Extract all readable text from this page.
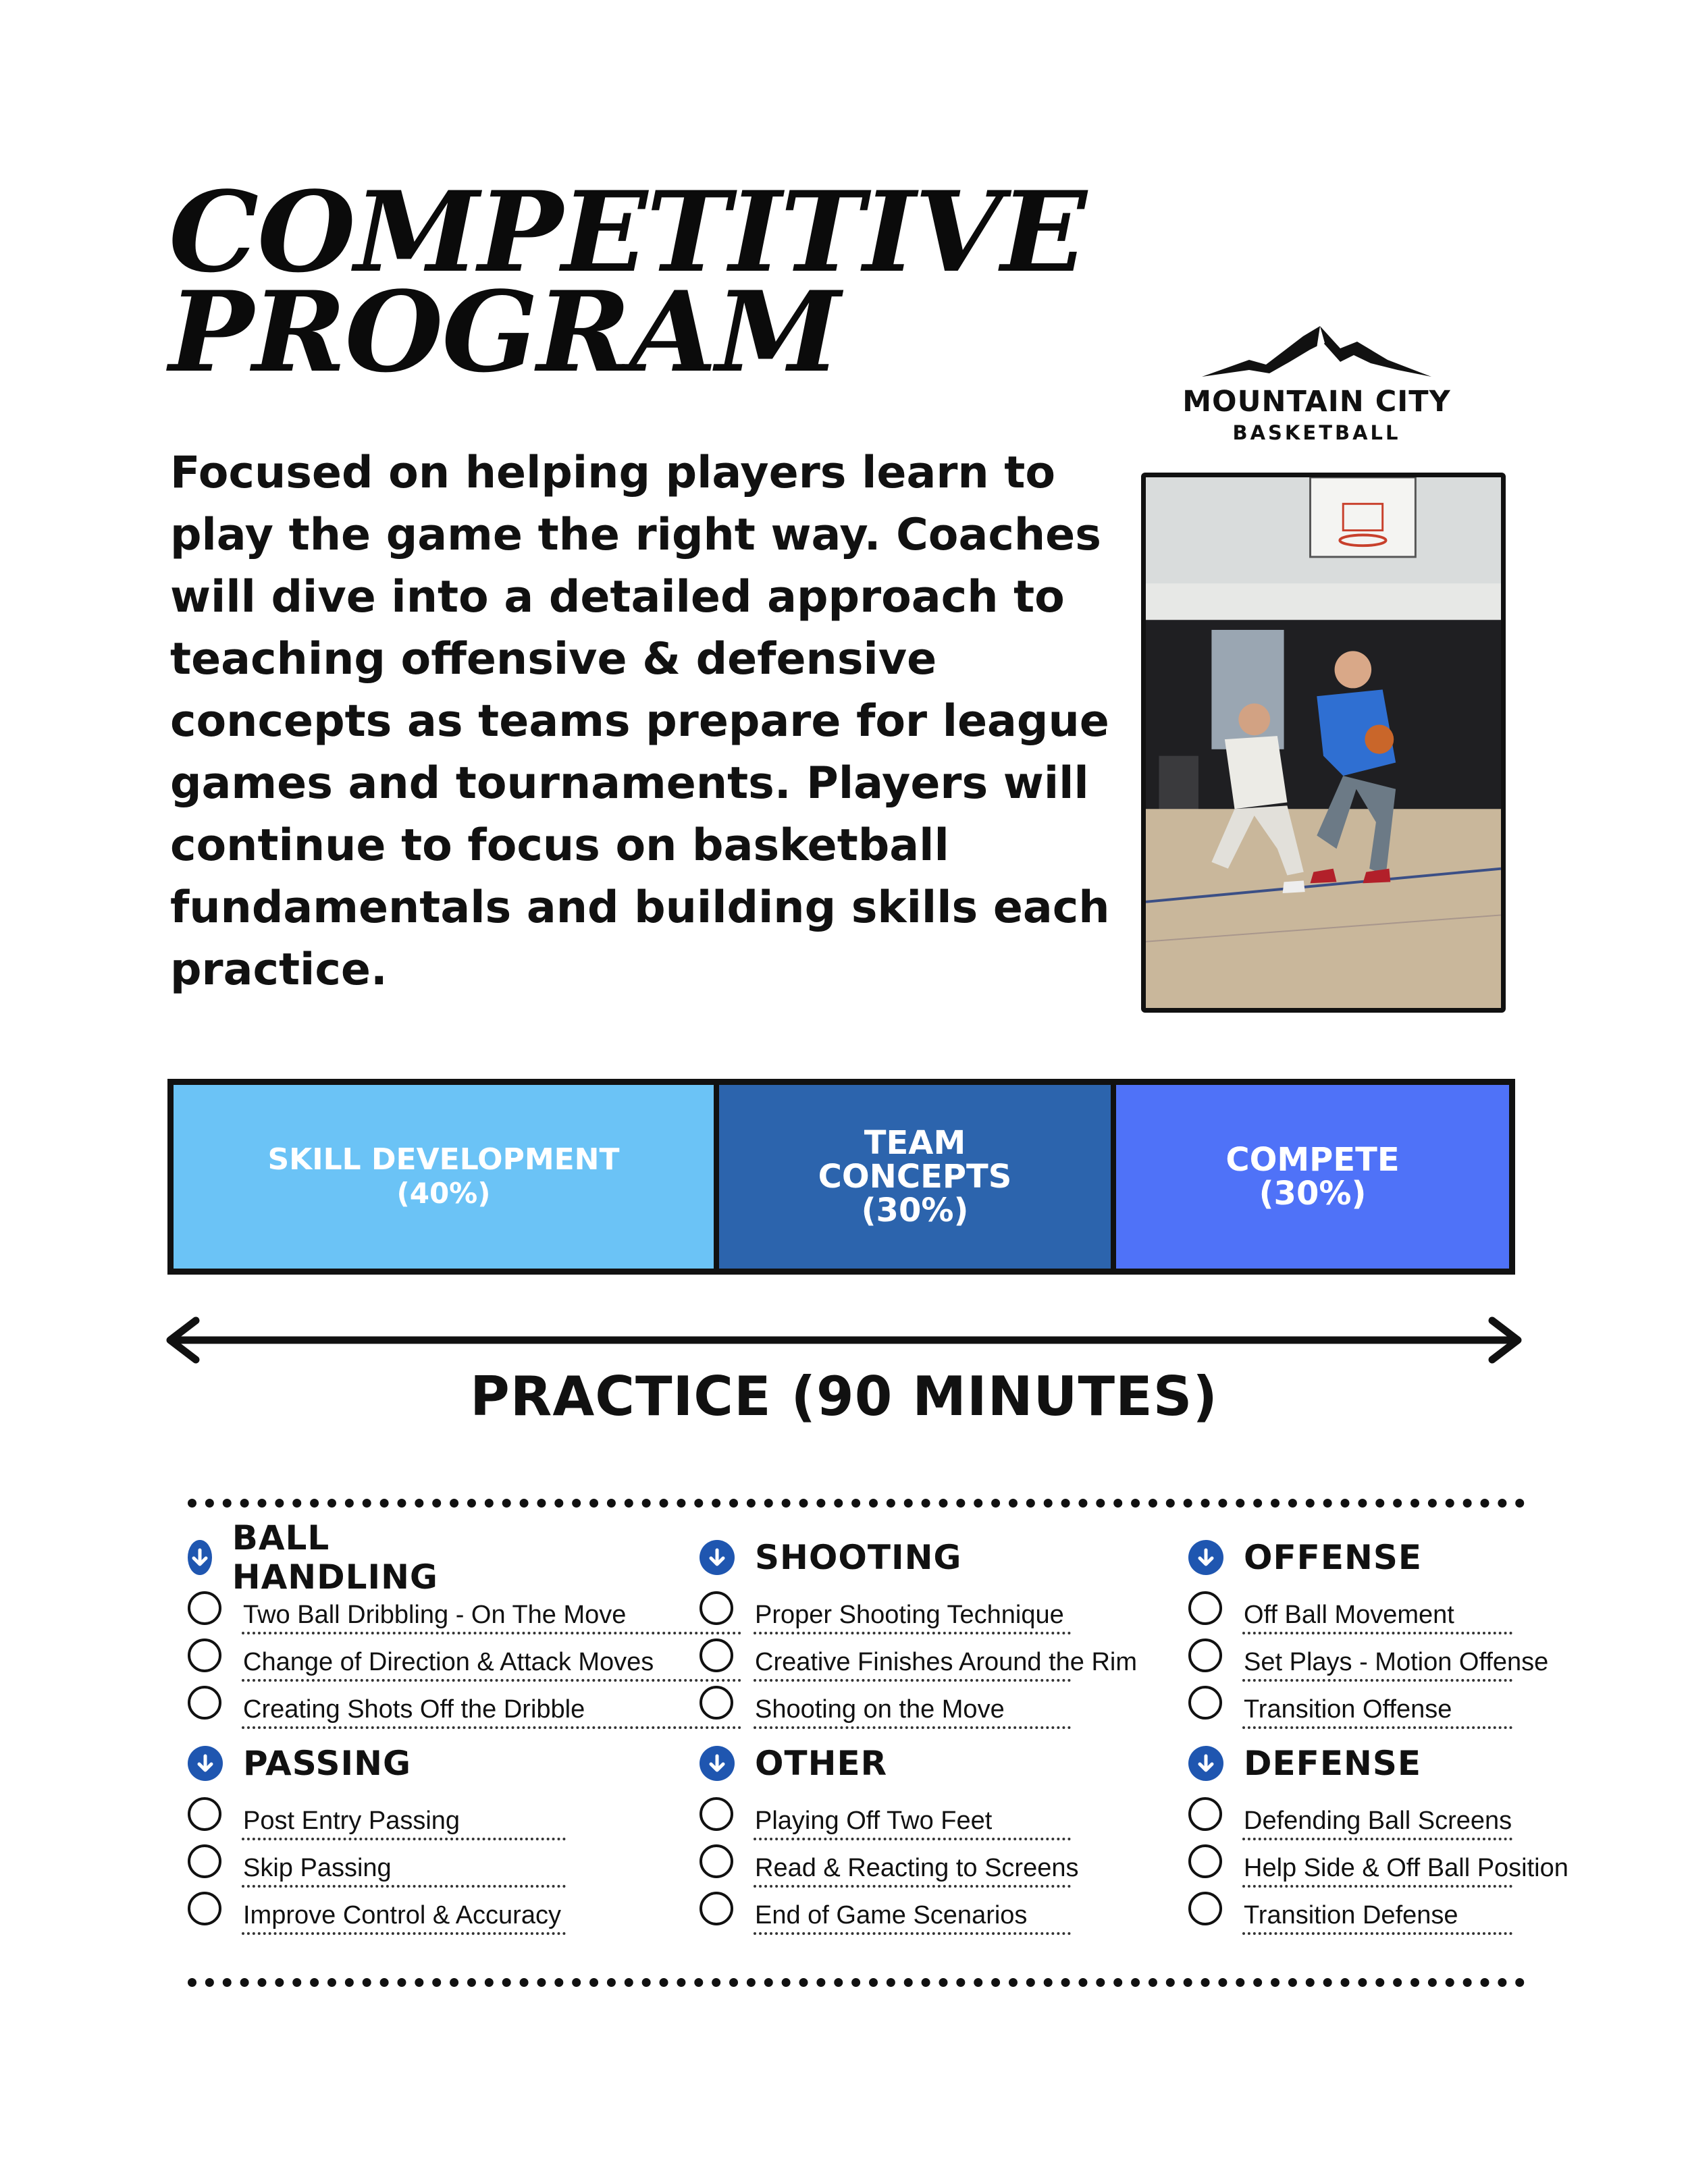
COMPETITIVE
PROGRAM
MOUNTAIN CITY
BASKETBALL

Focused on helping players learn to play the game the right way. Coaches will dive into a detailed approach to teaching offensive & defensive concepts as teams prepare for league games and tournaments. Players will continue to focus on basketball fundamentals and building skills each practice.

SKILL DEVELOPMENT
(40%)
TEAM
CONCEPTS
(30%)
COMPETE
(30%)
PRACTICE (90 MINUTES)
BALL HANDLING
Two Ball Dribbling - On The Move
Change of Direction & Attack Moves
Creating Shots Off the Dribble
SHOOTING
Proper Shooting Technique
Creative Finishes Around the Rim
Shooting on the Move
OFFENSE
Off Ball Movement
Set Plays - Motion Offense
Transition Offense
PASSING
Post Entry Passing
Skip Passing
Improve Control & Accuracy
OTHER
Playing Off Two Feet
Read & Reacting to Screens
End of Game Scenarios
DEFENSE
Defending Ball Screens
Help Side & Off Ball Position
Transition Defense
